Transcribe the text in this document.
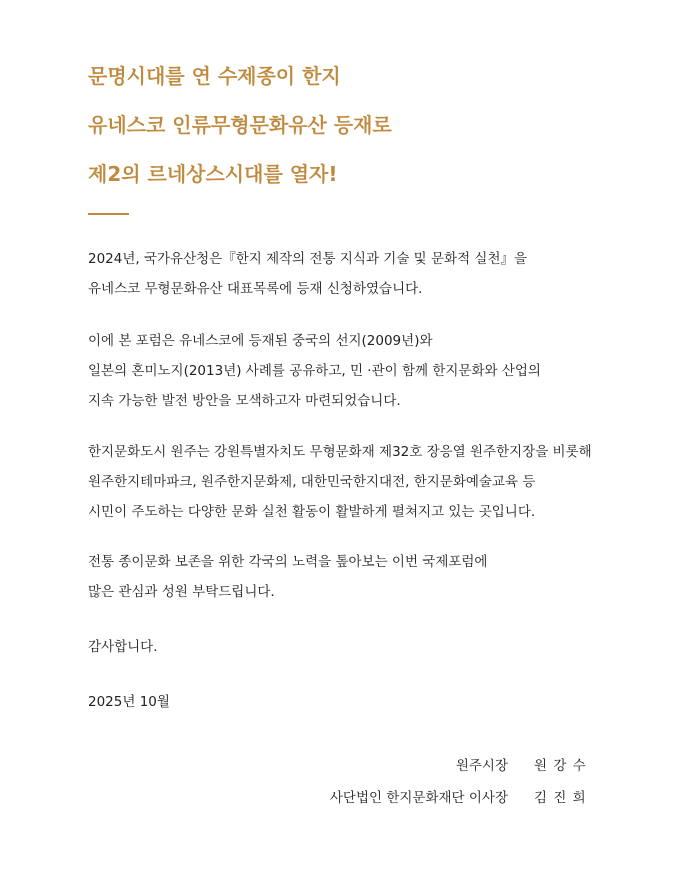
문명시대를 연 수제종이 한지
유네스코 인류무형문화유산 등재로
제2의 르네상스시대를 열자!

2024년, 국가유산청은『한지 제작의 전통 지식과 기술 및 문화적 실천』을
유네스코 무형문화유산 대표목록에 등재 신청하였습니다.

이에 본 포럼은 유네스코에 등재된 중국의 선지(2009년)와
일본의 혼미노지(2013년) 사례를 공유하고, 민 ·관이 함께 한지문화와 산업의
지속 가능한 발전 방안을 모색하고자 마련되었습니다.

한지문화도시 원주는 강원특별자치도 무형문화재 제32호 장응열 원주한지장을 비롯해
원주한지테마파크, 원주한지문화제, 대한민국한지대전, 한지문화예술교육 등
시민이 주도하는 다양한 문화 실천 활동이 활발하게 펼쳐지고 있는 곳입니다.

전통 종이문화 보존을 위한 각국의 노력을 톺아보는 이번 국제포럼에
많은 관심과 성원 부탁드립니다.

감사합니다.

2025년 10월

원주시장 원 강 수
사단법인 한지문화재단 이사장 김 진 희
